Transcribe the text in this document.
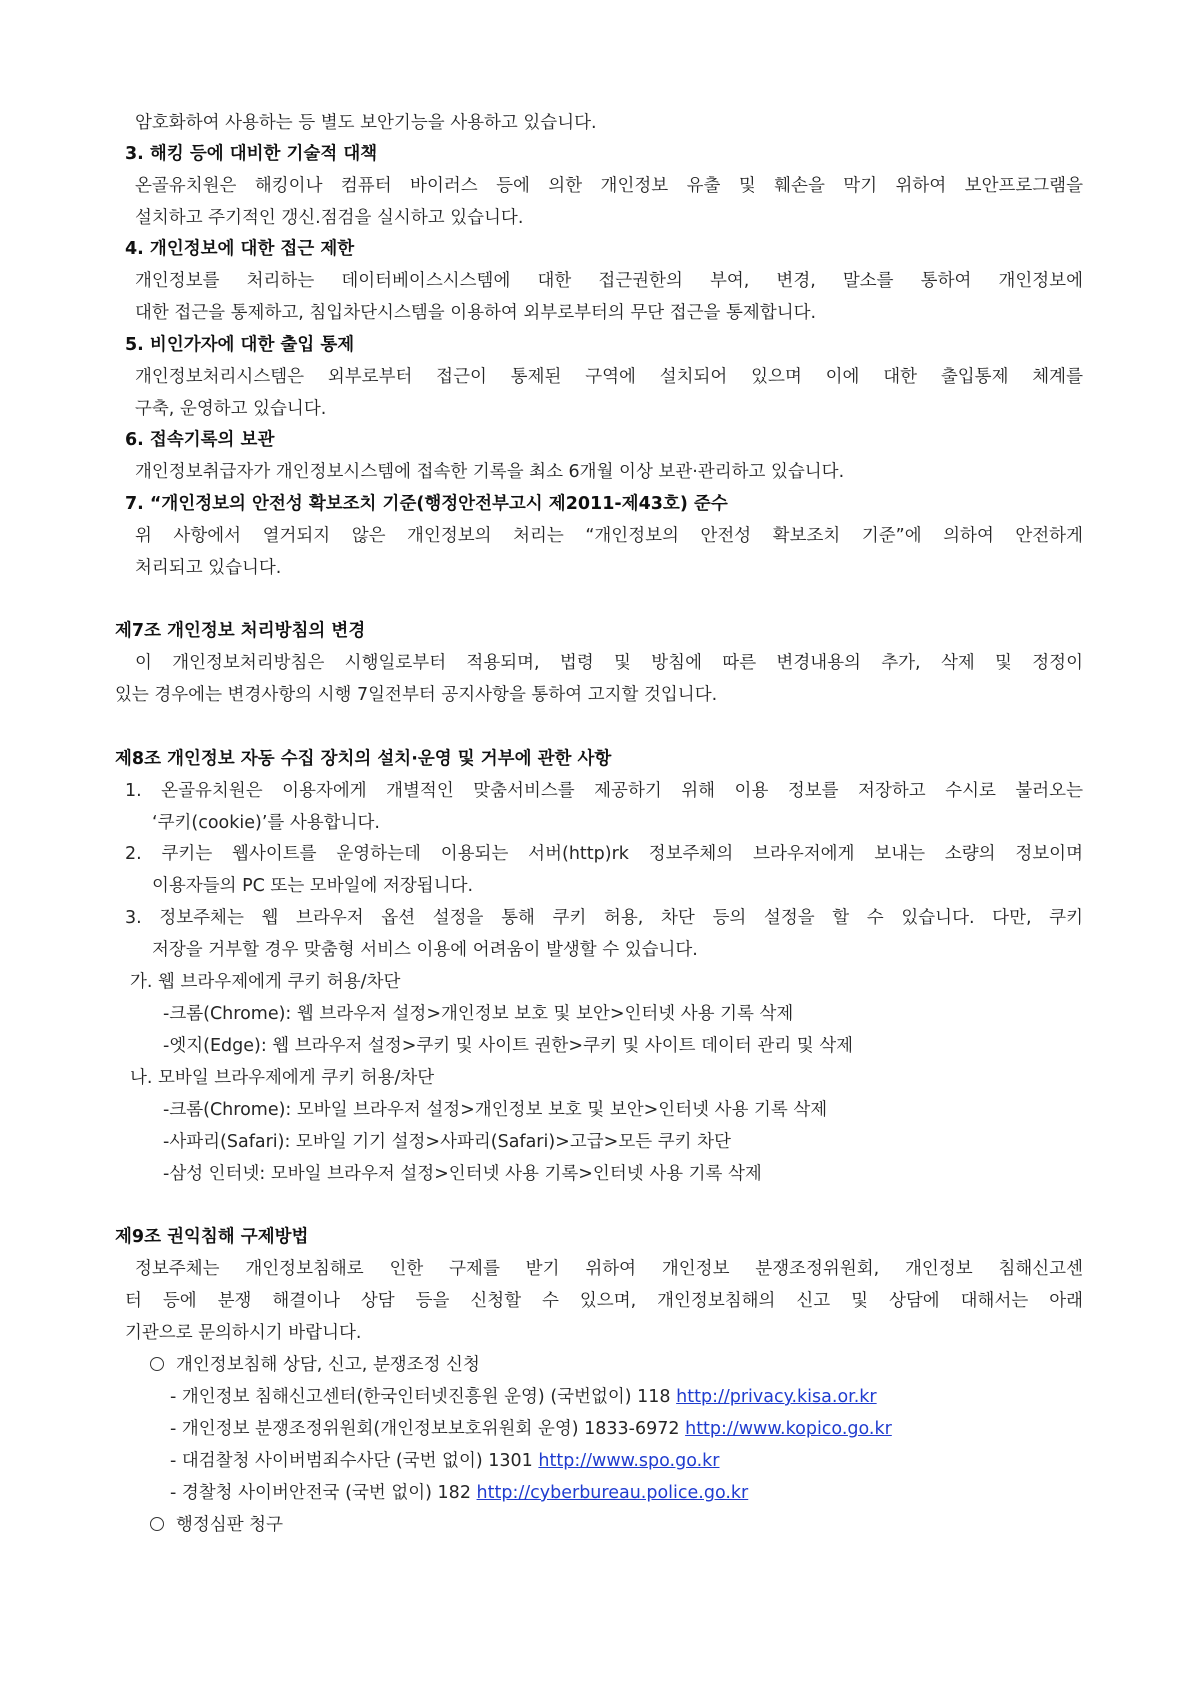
암호화하여 사용하는 등 별도 보안기능을 사용하고 있습니다.
3. 해킹 등에 대비한 기술적 대책
온골유치원은 해킹이나 컴퓨터 바이러스 등에 의한 개인정보 유출 및 훼손을 막기 위하여 보안프로그램을
설치하고 주기적인 갱신.점검을 실시하고 있습니다.
4. 개인정보에 대한 접근 제한
개인정보를 처리하는 데이터베이스시스템에 대한 접근권한의 부여, 변경, 말소를 통하여 개인정보에
대한 접근을 통제하고, 침입차단시스템을 이용하여 외부로부터의 무단 접근을 통제합니다.
5. 비인가자에 대한 출입 통제
개인정보처리시스템은 외부로부터 접근이 통제된 구역에 설치되어 있으며 이에 대한 출입통제 체계를
구축, 운영하고 있습니다.
6. 접속기록의 보관
개인정보취급자가 개인정보시스템에 접속한 기록을 최소 6개월 이상 보관·관리하고 있습니다.
7. “개인정보의 안전성 확보조치 기준(행정안전부고시 제2011-제43호) 준수
위 사항에서 열거되지 않은 개인정보의 처리는 “개인정보의 안전성 확보조치 기준”에 의하여 안전하게
처리되고 있습니다.
제7조 개인정보 처리방침의 변경
이 개인정보처리방침은 시행일로부터 적용되며, 법령 및 방침에 따른 변경내용의 추가, 삭제 및 정정이
있는 경우에는 변경사항의 시행 7일전부터 공지사항을 통하여 고지할 것입니다.
제8조 개인정보 자동 수집 장치의 설치·운영 및 거부에 관한 사항
1. 온골유치원은 이용자에게 개별적인 맞춤서비스를 제공하기 위해 이용 정보를 저장하고 수시로 불러오는
‘쿠키(cookie)’를 사용합니다.
2. 쿠키는 웹사이트를 운영하는데 이용되는 서버(http)rk 정보주체의 브라우저에게 보내는 소량의 정보이며
이용자들의 PC 또는 모바일에 저장됩니다.
3. 정보주체는 웹 브라우저 옵션 설정을 통해 쿠키 허용, 차단 등의 설정을 할 수 있습니다. 다만, 쿠키
저장을 거부할 경우 맞춤형 서비스 이용에 어려움이 발생할 수 있습니다.
가. 웹 브라우제에게 쿠키 허용/차단
-크롬(Chrome): 웹 브라우저 설정>개인정보 보호 및 보안>인터넷 사용 기록 삭제
-엣지(Edge): 웹 브라우저 설정>쿠키 및 사이트 권한>쿠키 및 사이트 데이터 관리 및 삭제
나. 모바일 브라우제에게 쿠키 허용/차단
-크롬(Chrome): 모바일 브라우저 설정>개인정보 보호 및 보안>인터넷 사용 기록 삭제
-사파리(Safari): 모바일 기기 설정>사파리(Safari)>고급>모든 쿠키 차단
-삼성 인터넷: 모바일 브라우저 설정>인터넷 사용 기록>인터넷 사용 기록 삭제
제9조 권익침해 구제방법
정보주체는 개인정보침해로 인한 구제를 받기 위하여 개인정보 분쟁조정위원회, 개인정보 침해신고센
터 등에 분쟁 해결이나 상담 등을 신청할 수 있으며, 개인정보침해의 신고 및 상담에 대해서는 아래
기관으로 문의하시기 바랍니다.
개인정보침해 상담, 신고, 분쟁조정 신청
- 개인정보 침해신고센터(한국인터넷진흥원 운영) (국번없이) 118 http://privacy.kisa.or.kr
- 개인정보 분쟁조정위원회(개인정보보호위원회 운영) 1833-6972 http://www.kopico.go.kr
- 대검찰청 사이버범죄수사단 (국번 없이) 1301 http://www.spo.go.kr
- 경찰청 사이버안전국 (국번 없이) 182 http://cyberbureau.police.go.kr
행정심판 청구
